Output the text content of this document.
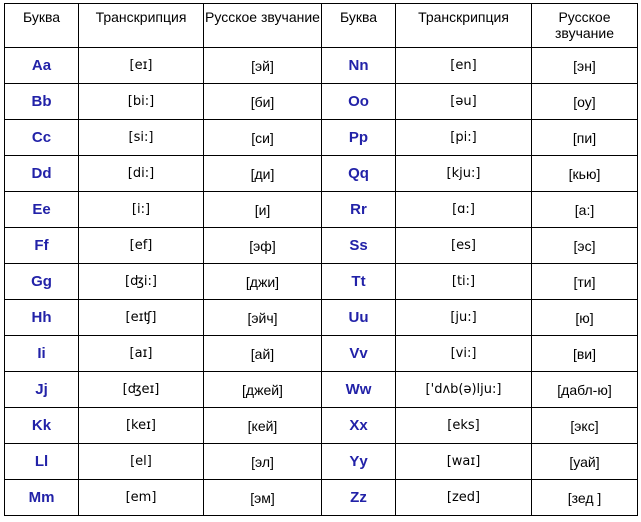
Буква	Транскрипция	Русское звучание	Буква	Транскрипция	Русское звучание
Aa	[eɪ]	[эй]	Nn	[en]	[эн]
Bb	[bi:]	[би]	Oo	[əu]	[оу]
Cc	[si:]	[си]	Pp	[pi:]	[пи]
Dd	[di:]	[ди]	Qq	[kju:]	[кью]
Ee	[i:]	[и]	Rr	[ɑ:]	[а:]
Ff	[ef]	[эф]	Ss	[es]	[эс]
Gg	[ʤi:]	[джи]	Tt	[ti:]	[ти]
Hh	[eɪʧ]	[эйч]	Uu	[ju:]	[ю]
Ii	[aɪ]	[ай]	Vv	[vi:]	[ви]
Jj	[ʤeɪ]	[джей]	Ww	['dʌb(ə)lju:]	[дабл-ю]
Kk	[keɪ]	[кей]	Xx	[eks]	[экс]
Ll	[el]	[эл]	Yy	[waɪ]	[уай]
Mm	[em]	[эм]	Zz	[zed]	[зед ]
